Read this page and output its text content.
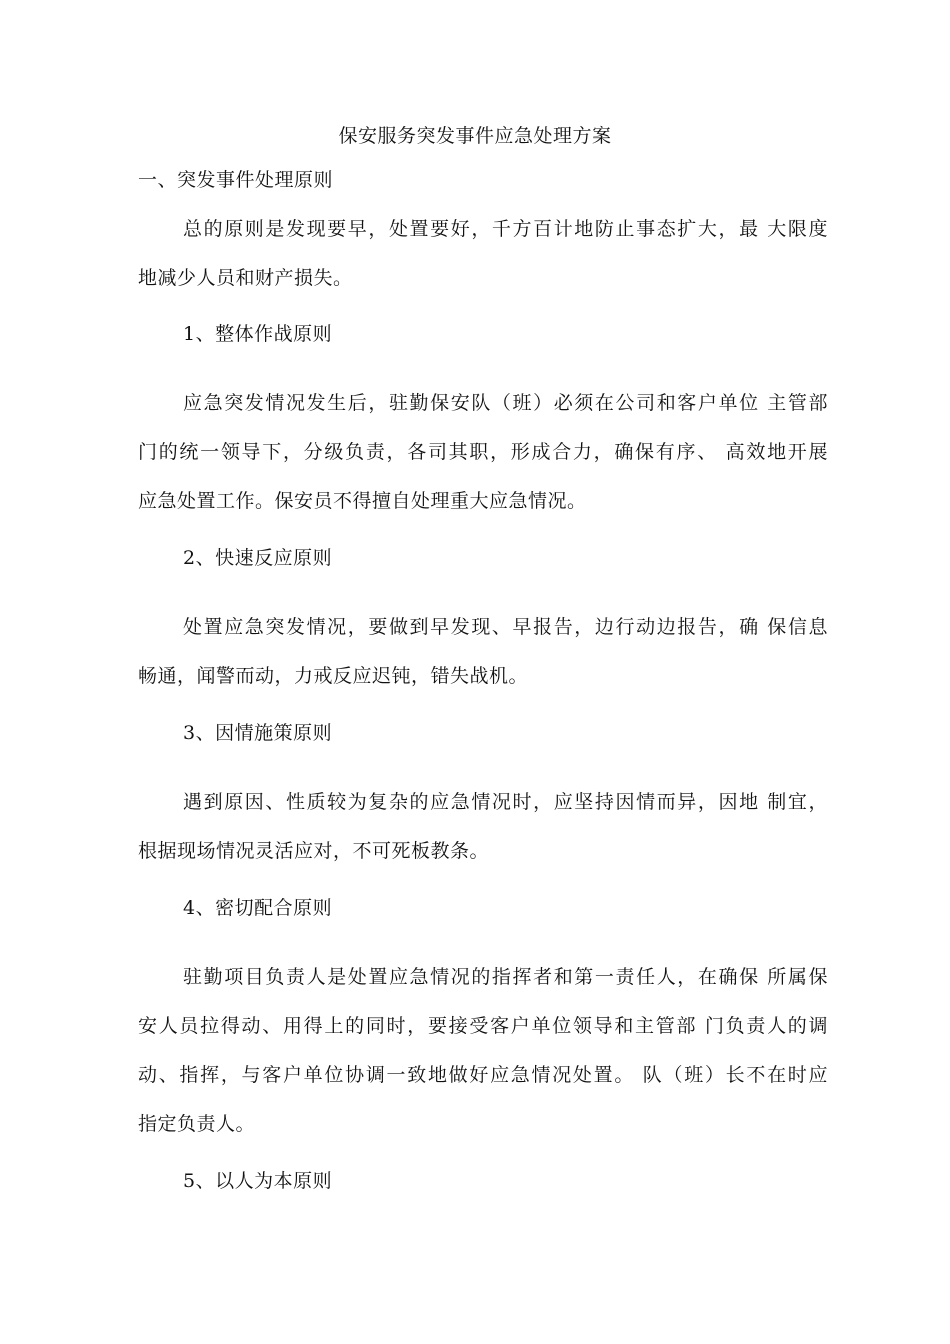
保安服务突发事件应急处理方案
一、突发事件处理原则
总的原则是发现要早，处置要好，千方百计地防止事态扩大，最 大限度
地减少人员和财产损失。
1、整体作战原则
应急突发情况发生后，驻勤保安队（班）必须在公司和客户单位 主管部
门的统一领导下，分级负责，各司其职，形成合力，确保有序、 高效地开展
应急处置工作。保安员不得擅自处理重大应急情况。
2、快速反应原则
处置应急突发情况，要做到早发现、早报告，边行动边报告，确 保信息
畅通，闻警而动，力戒反应迟钝，错失战机。
3、因情施策原则
遇到原因、性质较为复杂的应急情况时，应坚持因情而异，因地 制宜，
根据现场情况灵活应对，不可死板教条。
4、密切配合原则
驻勤项目负责人是处置应急情况的指挥者和第一责任人，在确保 所属保
安人员拉得动、用得上的同时，要接受客户单位领导和主管部 门负责人的调
动、指挥，与客户单位协调一致地做好应急情况处置。 队（班）长不在时应
指定负责人。
5、以人为本原则
